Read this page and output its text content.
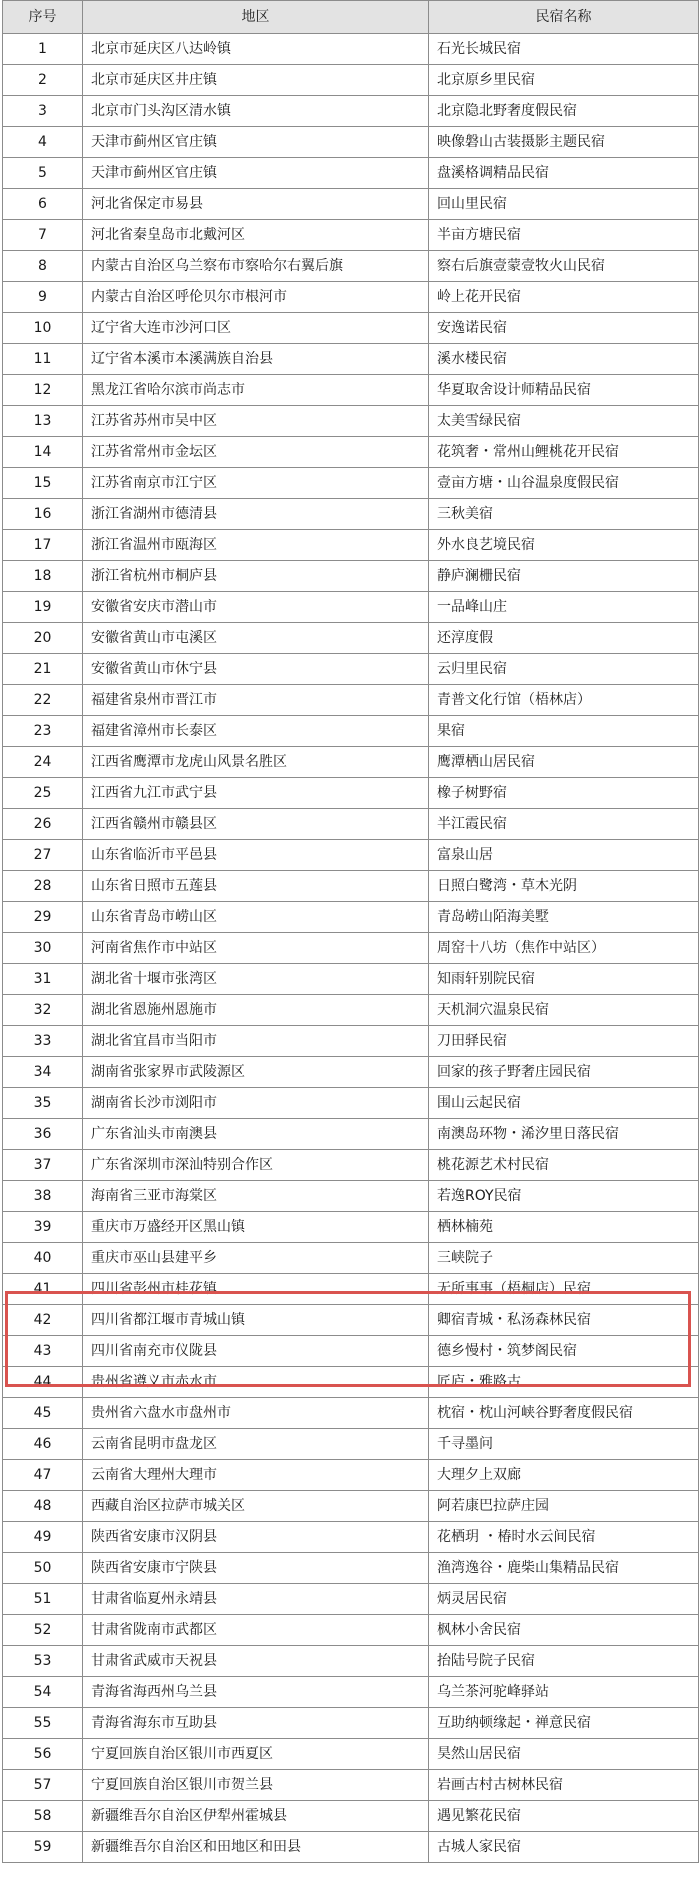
序号	地区	民宿名称
1	北京市延庆区八达岭镇	石光长城民宿
2	北京市延庆区井庄镇	北京原乡里民宿
3	北京市门头沟区清水镇	北京隐北野奢度假民宿
4	天津市蓟州区官庄镇	映像磐山古装摄影主题民宿
5	天津市蓟州区官庄镇	盘溪格调精品民宿
6	河北省保定市易县	回山里民宿
7	河北省秦皇岛市北戴河区	半亩方塘民宿
8	内蒙古自治区乌兰察布市察哈尔右翼后旗	察右后旗壹蒙壹牧火山民宿
9	内蒙古自治区呼伦贝尔市根河市	岭上花开民宿
10	辽宁省大连市沙河口区	安逸诺民宿
11	辽宁省本溪市本溪满族自治县	溪水楼民宿
12	黑龙江省哈尔滨市尚志市	华夏取舍设计师精品民宿
13	江苏省苏州市吴中区	太美雪绿民宿
14	江苏省常州市金坛区	花筑奢・常州山鲤桃花开民宿
15	江苏省南京市江宁区	壹亩方塘・山谷温泉度假民宿
16	浙江省湖州市德清县	三秋美宿
17	浙江省温州市瓯海区	外水良艺境民宿
18	浙江省杭州市桐庐县	静庐澜栅民宿
19	安徽省安庆市潜山市	一品峰山庄
20	安徽省黄山市屯溪区	还淳度假
21	安徽省黄山市休宁县	云归里民宿
22	福建省泉州市晋江市	青普文化行馆（梧林店）
23	福建省漳州市长泰区	果宿
24	江西省鹰潭市龙虎山风景名胜区	鹰潭栖山居民宿
25	江西省九江市武宁县	橡子树野宿
26	江西省赣州市赣县区	半江霞民宿
27	山东省临沂市平邑县	富泉山居
28	山东省日照市五莲县	日照白鹭湾・草木光阴
29	山东省青岛市崂山区	青岛崂山陌海美墅
30	河南省焦作市中站区	周窑十八坊（焦作中站区）
31	湖北省十堰市张湾区	知雨轩别院民宿
32	湖北省恩施州恩施市	天机洞穴温泉民宿
33	湖北省宜昌市当阳市	刀田驿民宿
34	湖南省张家界市武陵源区	回家的孩子野奢庄园民宿
35	湖南省长沙市浏阳市	围山云起民宿
36	广东省汕头市南澳县	南澳岛环物・浠汐里日落民宿
37	广东省深圳市深汕特别合作区	桃花源艺术村民宿
38	海南省三亚市海棠区	若逸ROY民宿
39	重庆市万盛经开区黑山镇	栖林楠苑
40	重庆市巫山县建平乡	三峡院子
41	四川省彭州市桂花镇	无所事事（梧桐店）民宿
42	四川省都江堰市青城山镇	卿宿青城・私汤森林民宿
43	四川省南充市仪陇县	德乡慢村・筑梦阁民宿
44	贵州省遵义市赤水市	匠庐・雅路古
45	贵州省六盘水市盘州市	枕宿・枕山河峡谷野奢度假民宿
46	云南省昆明市盘龙区	千寻墨问
47	云南省大理州大理市	大理夕上双廊
48	西藏自治区拉萨市城关区	阿若康巴拉萨庄园
49	陕西省安康市汉阴县	花栖玥 ・椿时水云间民宿
50	陕西省安康市宁陕县	渔湾逸谷・鹿柴山集精品民宿
51	甘肃省临夏州永靖县	炳灵居民宿
52	甘肃省陇南市武都区	枫林小舍民宿
53	甘肃省武威市天祝县	抬陆号院子民宿
54	青海省海西州乌兰县	乌兰茶河驼峰驿站
55	青海省海东市互助县	互助纳顿缘起・禅意民宿
56	宁夏回族自治区银川市西夏区	昊然山居民宿
57	宁夏回族自治区银川市贺兰县	岩画古村古树林民宿
58	新疆维吾尔自治区伊犁州霍城县	遇见繁花民宿
59	新疆维吾尔自治区和田地区和田县	古城人家民宿
